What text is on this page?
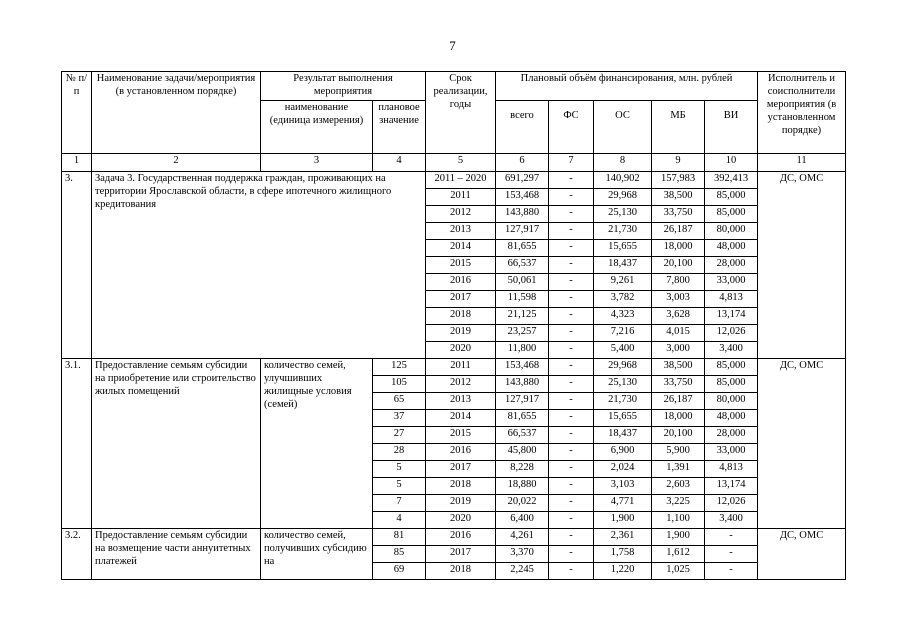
7
№ п/п	Наименование задачи/мероприятия (в установленном порядке)	Результат выполнения мероприятия		Срок реализации, годы	Плановый объём финансирования, млн. рублей					Исполнитель и соисполнители мероприятия (в установленном порядке)
		наименование (единица измерения)	плановое значение		всего	ФС	ОС	МБ	ВИ	
1	2	3	4	5	6	7	8	9	10	11
3.	Задача 3. Государственная поддержка граждан, проживающих на территории Ярославской области, в сфере ипотечного жилищного кредитования			2011 – 2020	691,297	-	140,902	157,983	392,413	ДС, ОМС
				2011	153,468	-	29,968	38,500	85,000	
				2012	143,880	-	25,130	33,750	85,000	
				2013	127,917	-	21,730	26,187	80,000	
				2014	81,655	-	15,655	18,000	48,000	
				2015	66,537	-	18,437	20,100	28,000	
				2016	50,061	-	9,261	7,800	33,000	
				2017	11,598	-	3,782	3,003	4,813	
				2018	21,125	-	4,323	3,628	13,174	
				2019	23,257	-	7,216	4,015	12,026	
				2020	11,800	-	5,400	3,000	3,400	
3.1.	Предоставление семьям субсидии на приобретение или строительство жилых помещений	количество семей, улучшивших жилищные условия (семей)	125	2011	153,468	-	29,968	38,500	85,000	ДС, ОМС
			105	2012	143,880	-	25,130	33,750	85,000	
			65	2013	127,917	-	21,730	26,187	80,000	
			37	2014	81,655	-	15,655	18,000	48,000	
			27	2015	66,537	-	18,437	20,100	28,000	
			28	2016	45,800	-	6,900	5,900	33,000	
			5	2017	8,228	-	2,024	1,391	4,813	
			5	2018	18,880	-	3,103	2,603	13,174	
			7	2019	20,022	-	4,771	3,225	12,026	
			4	2020	6,400	-	1,900	1,100	3,400	
3.2.	Предоставление семьям субсидии на возмещение части аннуитетных платежей	количество семей, получивших субсидию на	81	2016	4,261	-	2,361	1,900	-	ДС, ОМС
			85	2017	3,370	-	1,758	1,612	-	
			69	2018	2,245	-	1,220	1,025	-	
